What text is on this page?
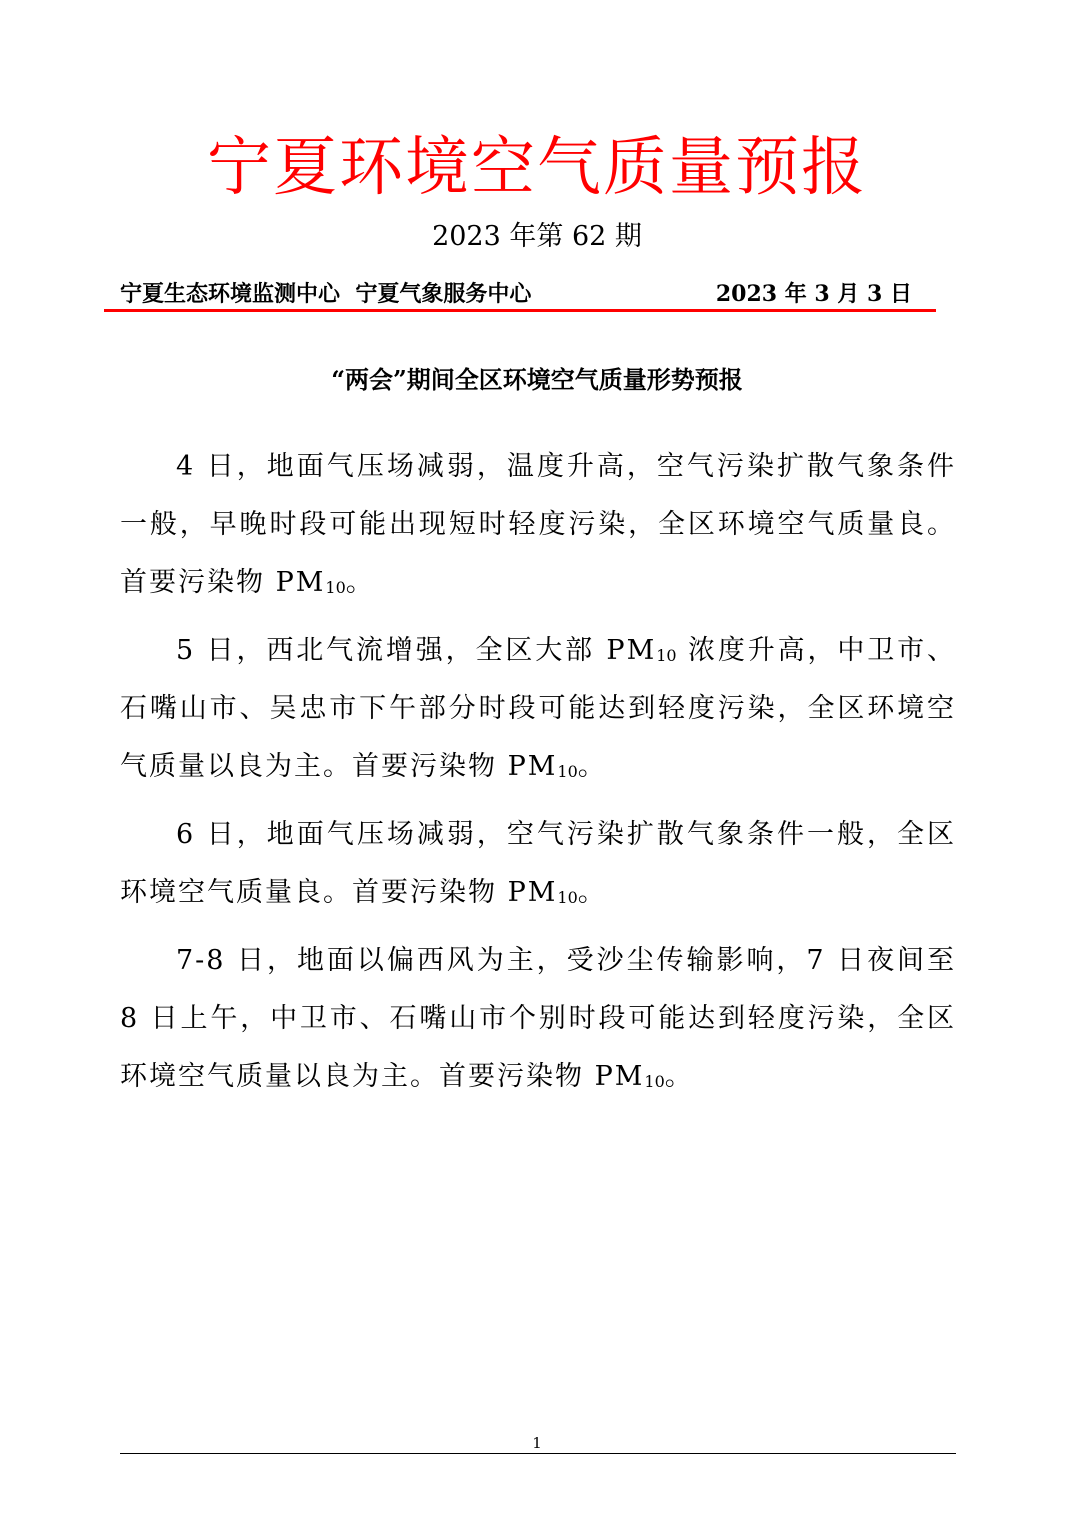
宁夏环境空气质量预报
2023 年第 62 期
宁夏生态环境监测中心  宁夏气象服务中心	2023 年 3 月 3 日
“两会”期间全区环境空气质量形势预报

4 日，地面气压场减弱，温度升高，空气污染扩散气象条件一般，早晚时段可能出现短时轻度污染，全区环境空气质量良。首要污染物 $PM_{10}$。

5 日，西北气流增强，全区大部 $PM_{10}$ 浓度升高，中卫市、石嘴山市、吴忠市下午部分时段可能达到轻度污染，全区环境空气质量以良为主。首要污染物 $PM_{10}$。

6 日，地面气压场减弱，空气污染扩散气象条件一般，全区环境空气质量良。首要污染物 $PM_{10}$。

7-8 日，地面以偏西风为主，受沙尘传输影响，7 日夜间至 8 日上午，中卫市、石嘴山市个别时段可能达到轻度污染，全区环境空气质量以良为主。首要污染物 $PM_{10}$。

1
